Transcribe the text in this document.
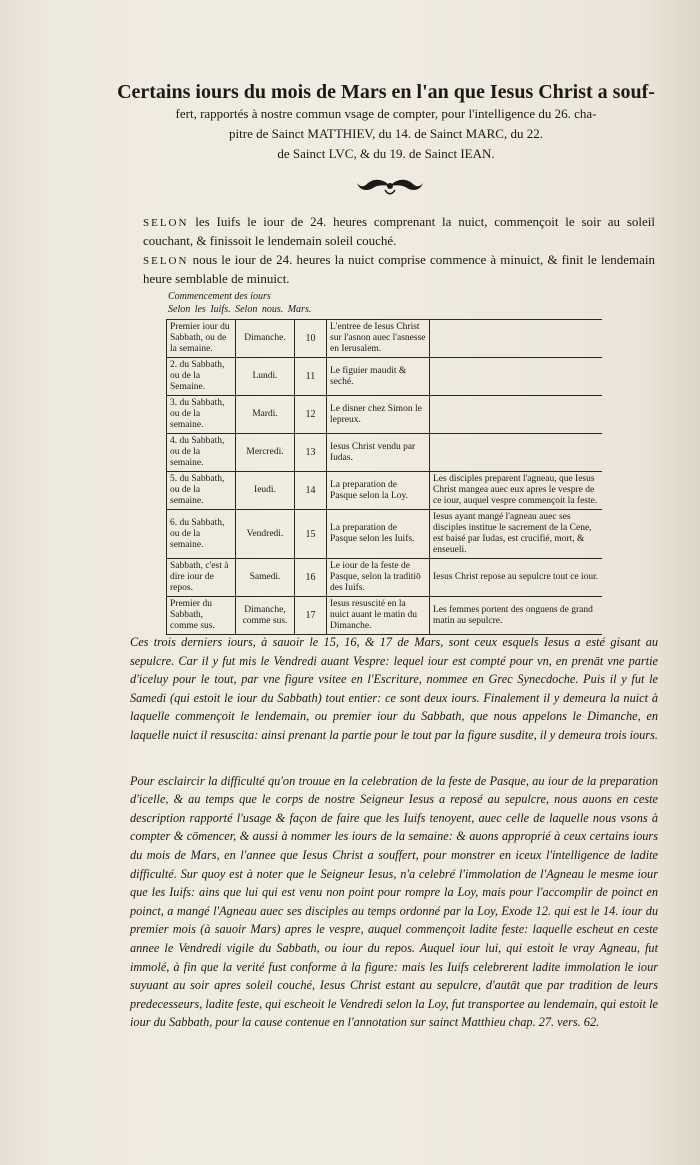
Certains iours du mois de Mars en l'an que Iesus Christ a souf-
fert, rapportés à nostre commun vsage de compter, pour l'intelligence du 26. cha-
pitre de Sainct MATTHIEV, du 14. de Sainct MARC, du 22.
de Sainct LVC, & du 19. de Sainct IEAN.

SELON les Iuifs le iour de 24. heures comprenant la nuict, commençoit le soir au soleil couchant, & finissoit le lendemain soleil couché.

SELON nous le iour de 24. heures la nuict comprise commence à minuict, & finit le lendemain heure semblable de minuict.

Commencement des iours
Selon les Iuifs. Selon nous. Mars.
Premier iour du Sabbath, ou de la semaine.	Dimanche.	10	L'entree de Iesus Christ sur l'asnon auec l'asnesse en Ierusalem.	
2. du Sabbath, ou de la Semaine.	Lundi.	11	Le figuier maudit & seché.	
3. du Sabbath, ou de la semaine.	Mardi.	12	Le disner chez Simon le lepreux.	
4. du Sabbath, ou de la semaine.	Mercredi.	13	Iesus Christ vendu par Iudas.	
5. du Sabbath, ou de la semaine.	Ieudi.	14	La preparation de Pasque selon la Loy.	Les disciples preparent l'agneau, que Iesus Christ mangea auec eux apres le vespre de ce iour, auquel vespre commençoit la feste.
6. du Sabbath, ou de la semaine.	Vendredi.	15	La preparation de Pasque selon les Iuifs.	Iesus ayant mangé l'agneau auec ses disciples institue le sacrement de la Cene, est baisé par Iudas, est crucifié, mort, & enseueli.
Sabbath, c'est à dire iour de repos.	Samedi.	16	Le iour de la feste de Pasque, selon la traditiō des Iuifs.	Iesus Christ repose au sepulcre tout ce iour.
Premier du Sabbath, comme sus.	Dimanche, comme sus.	17	Iesus resuscité en la nuict auant le matin du Dimanche.	Les femmes portent des onguens de grand matin au sepulcre.

Ces trois derniers iours, à sauoir le 15, 16, & 17 de Mars, sont ceux esquels Iesus a esté gisant au sepulcre. Car il y fut mis le Vendredi auant Vespre: lequel iour est compté pour vn, en prenāt vne partie d'iceluy pour le tout, par vne figure vsitee en l'Escriture, nommee en Grec Synecdoche. Puis il y fut le Samedi (qui estoit le iour du Sabbath) tout entier: ce sont deux iours. Finalement il y demeura la nuict à laquelle commençoit le lendemain, ou premier iour du Sabbath, que nous appelons le Dimanche, en laquelle nuict il resuscita: ainsi prenant la partie pour le tout par la figure susdite, il y demeura trois iours.

Pour esclaircir la difficulté qu'on trouue en la celebration de la feste de Pasque, au iour de la preparation d'icelle, & au temps que le corps de nostre Seigneur Iesus a reposé au sepulcre, nous auons en ceste description rapporté l'usage & façon de faire que les Iuifs tenoyent, auec celle de laquelle nous vsons à compter & cōmencer, & aussi à nommer les iours de la semaine: & auons approprié à ceux certains iours du mois de Mars, en l'annee que Iesus Christ a souffert, pour monstrer en iceux l'intelligence de ladite difficulté. Sur quoy est à noter que le Seigneur Iesus, n'a celebré l'immolation de l'Agneau le mesme iour que les Iuifs: ains que lui qui est venu non point pour rompre la Loy, mais pour l'accomplir de poinct en poinct, a mangé l'Agneau auec ses disciples au temps ordonné par la Loy, Exode 12. qui est le 14. iour du premier mois (à sauoir Mars) apres le vespre, auquel commençoit ladite feste: laquelle escheut en ceste annee le Vendredi vigile du Sabbath, ou iour du repos. Auquel iour lui, qui estoit le vray Agneau, fut immolé, à fin que la verité fust conforme à la figure: mais les Iuifs celebrerent ladite immolation le iour suyuant au soir apres soleil couché, Iesus Christ estant au sepulcre, d'autāt que par tradition de leurs predecesseurs, ladite feste, qui escheoit le Vendredi selon la Loy, fut transportee au lendemain, qui estoit le iour du Sabbath, pour la cause contenue en l'annotation sur sainct Matthieu chap. 27. vers. 62.
